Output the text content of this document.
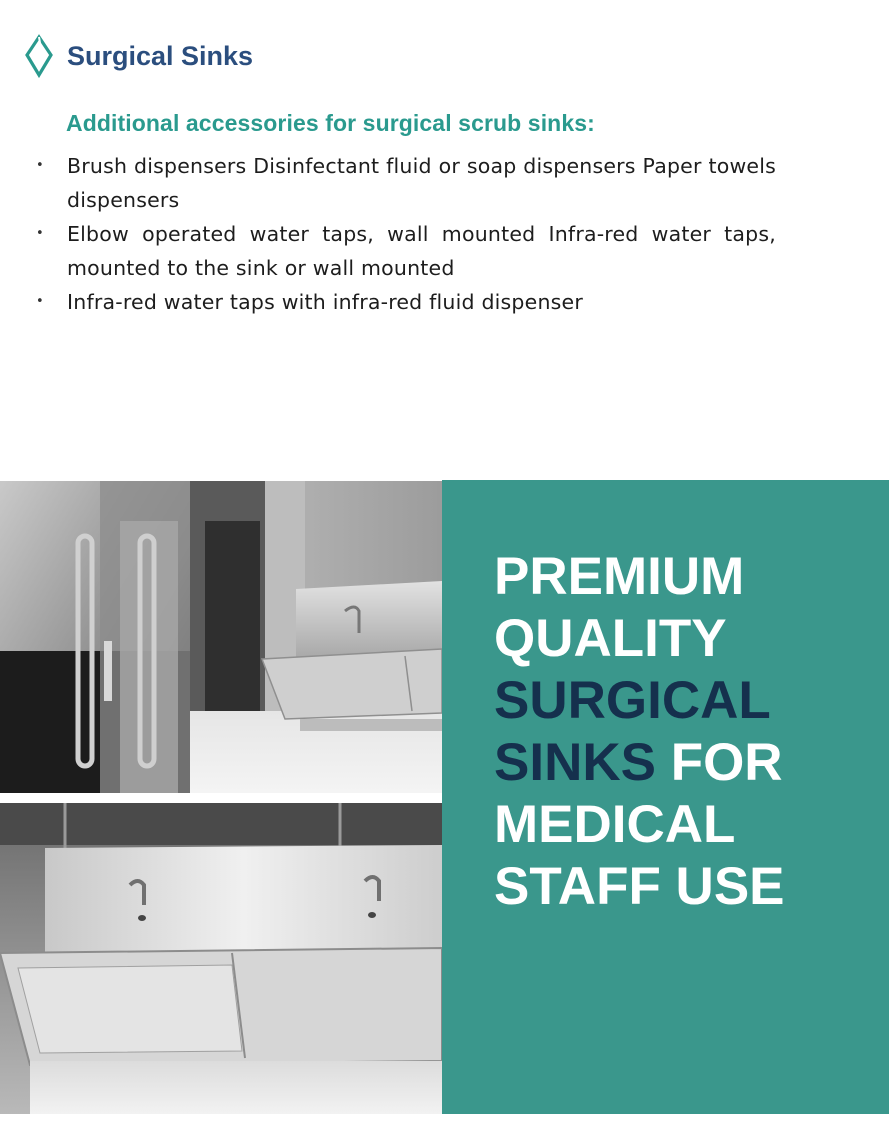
Surgical Sinks
Additional accessories for surgical scrub sinks:
• Brush dispensers Disinfectant fluid or soap dispensers Paper towels dispensers
• Elbow operated water taps, wall mounted Infra-red water taps, mounted to the sink or wall mounted
• Infra-red water taps with infra-red fluid dispenser
PREMIUM
QUALITY
SURGICAL
SINKS FOR
MEDICAL
STAFF USE
